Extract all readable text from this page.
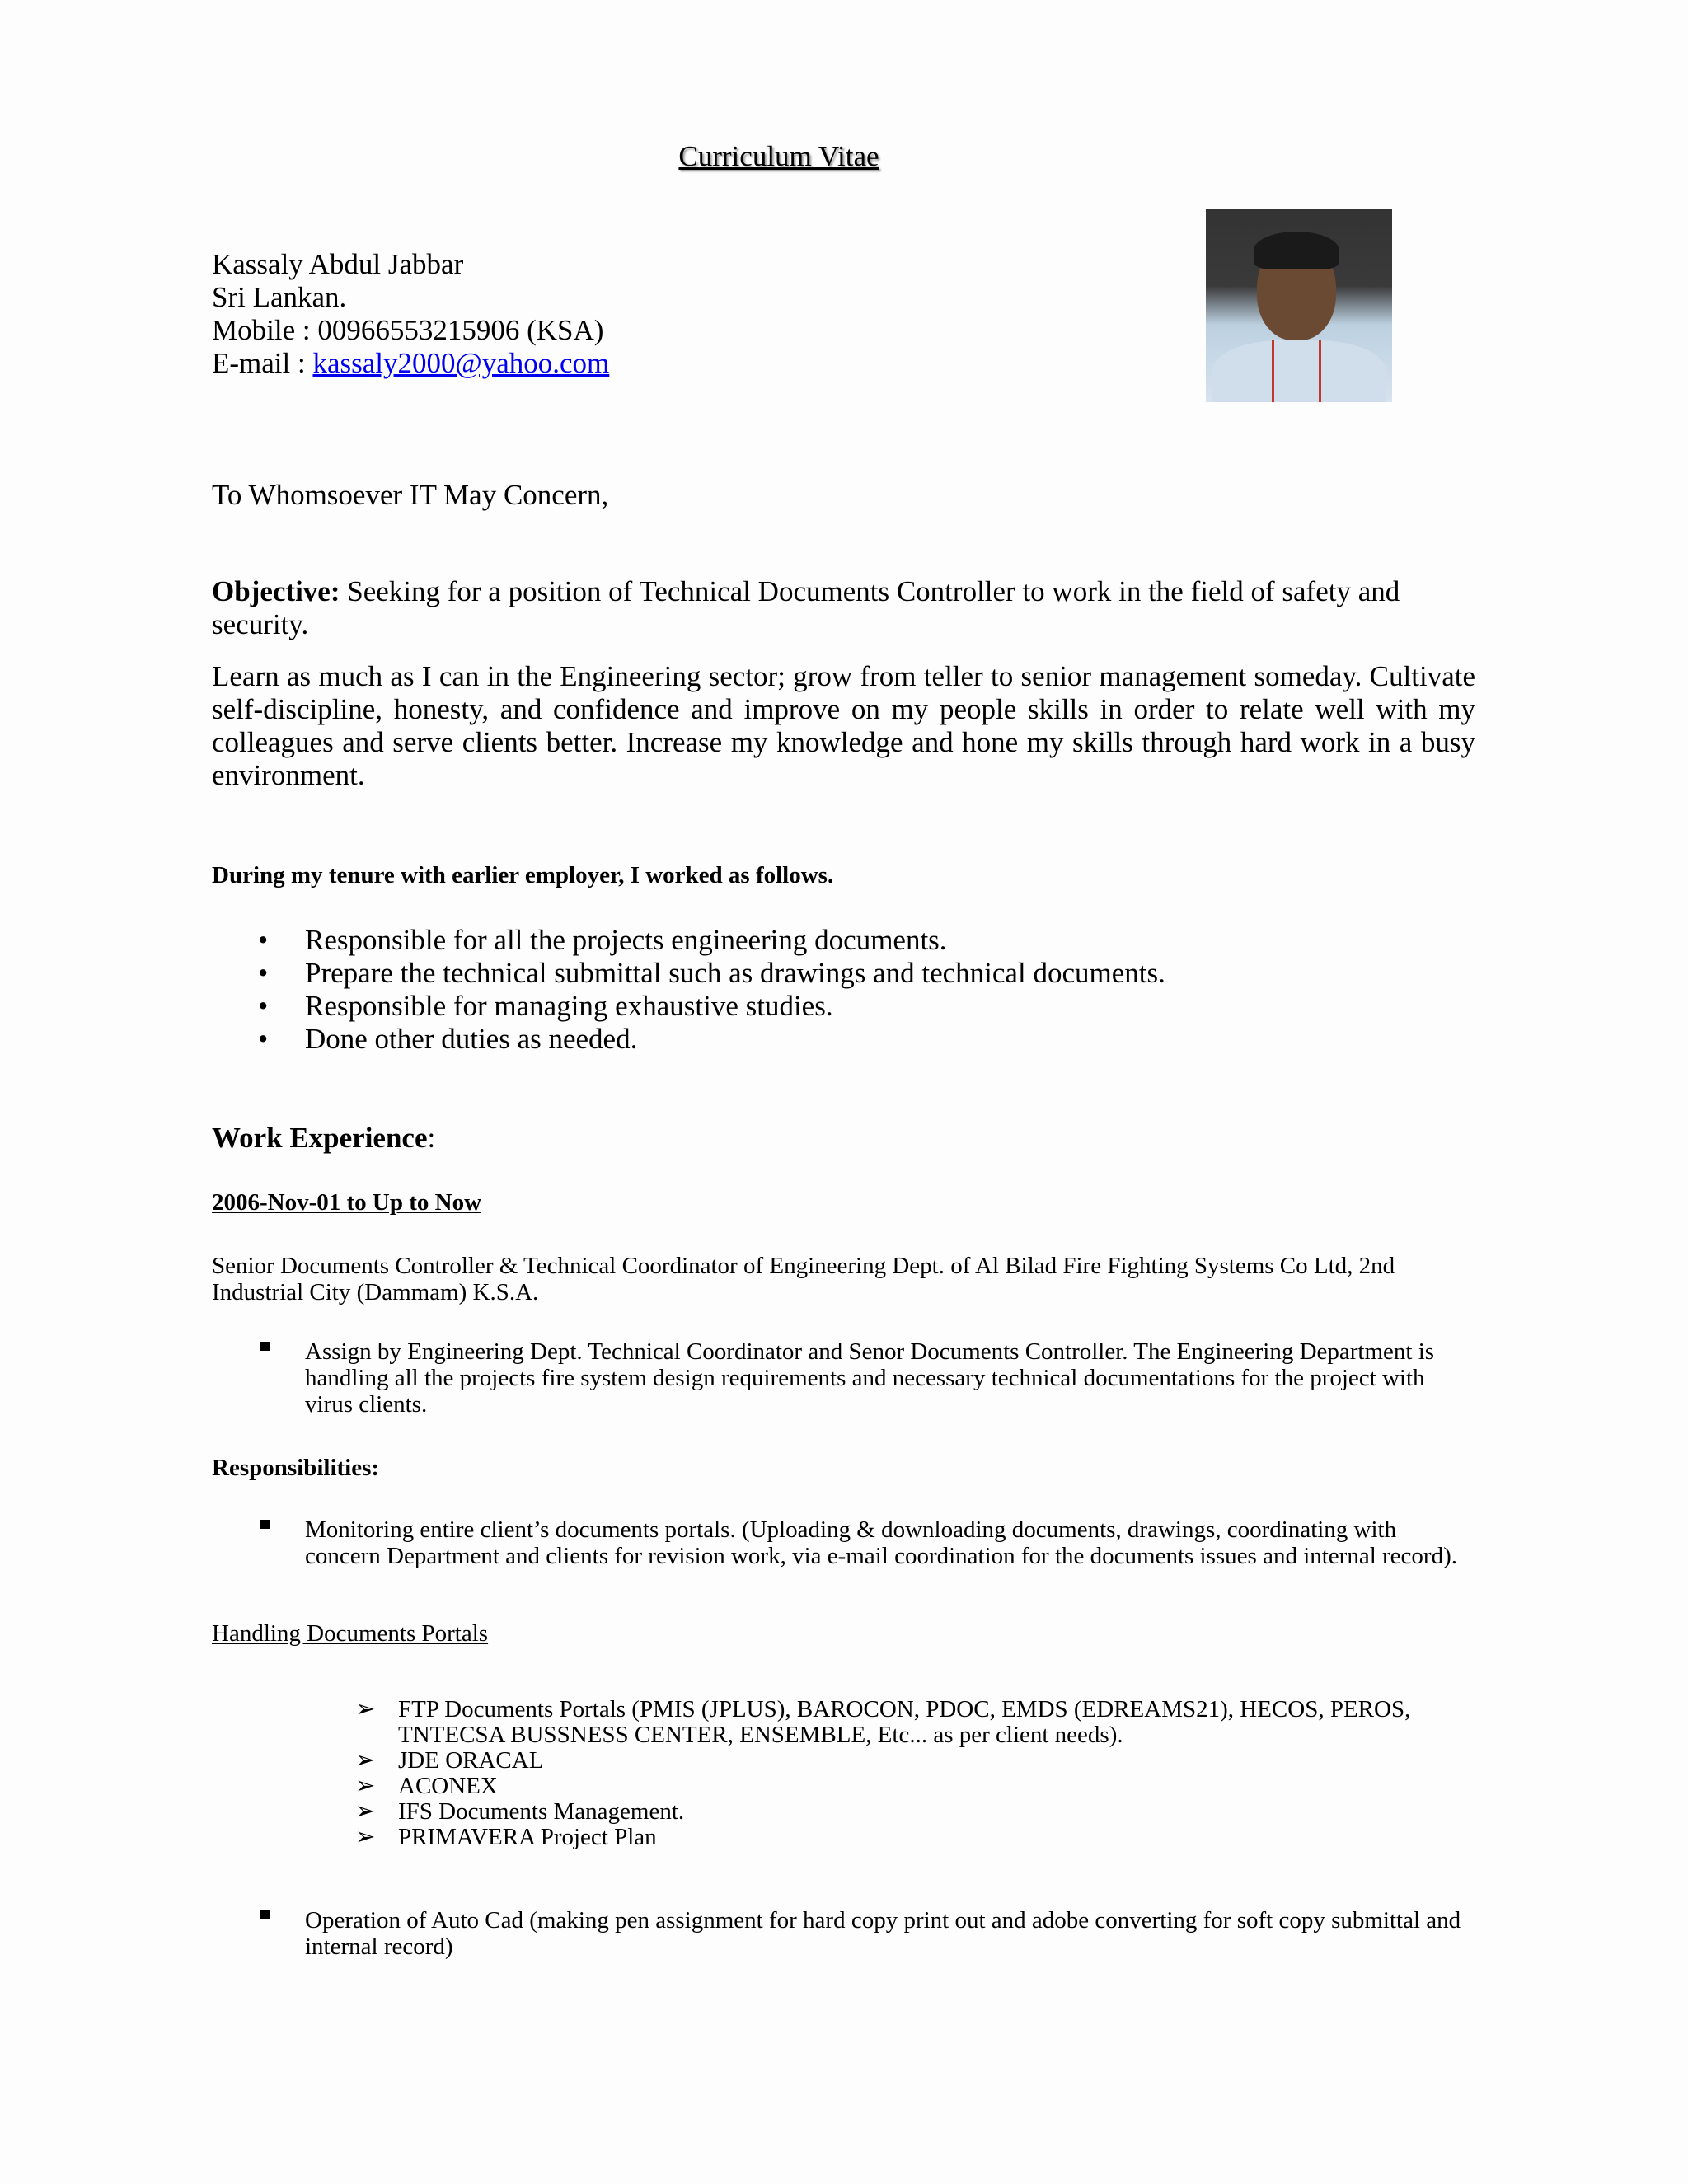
Curriculum Vitae
Kassaly Abdul Jabbar
Sri Lankan.
Mobile : 00966553215906 (KSA)
E-mail : kassaly2000@yahoo.com
To Whomsoever IT May Concern,
Objective: Seeking for a position of Technical Documents Controller to work in the field of safety and security.
Learn as much as I can in the Engineering sector; grow from teller to senior management someday. Cultivate self-discipline, honesty, and confidence and improve on my people skills in order to relate well with my colleagues and serve clients better. Increase my knowledge and hone my skills through hard work in a busy environment.
During my tenure with earlier employer, I worked as follows.
• Responsible for all the projects engineering documents.
• Prepare the technical submittal such as drawings and technical documents.
• Responsible for managing exhaustive studies.
• Done other duties as needed.
Work Experience:
2006-Nov-01 to Up to Now
Senior Documents Controller & Technical Coordinator of Engineering Dept. of Al Bilad Fire Fighting Systems Co Ltd, 2nd Industrial City (Dammam) K.S.A.
Assign by Engineering Dept. Technical Coordinator and Senor Documents Controller. The Engineering Department is handling all the projects fire system design requirements and necessary technical documentations for the project with virus clients.
Responsibilities:
Monitoring entire client’s documents portals. (Uploading & downloading documents, drawings, coordinating with concern Department and clients for revision work, via e-mail coordination for the documents issues and internal record).
Handling Documents Portals
➢ FTP Documents Portals (PMIS (JPLUS), BAROCON, PDOC, EMDS (EDREAMS21), HECOS, PEROS, TNTECSA BUSSNESS CENTER, ENSEMBLE, Etc... as per client needs).
➢ JDE ORACAL
➢ ACONEX
➢ IFS Documents Management.
➢ PRIMAVERA Project Plan
Operation of Auto Cad (making pen assignment for hard copy print out and adobe converting for soft copy submittal and internal record)
